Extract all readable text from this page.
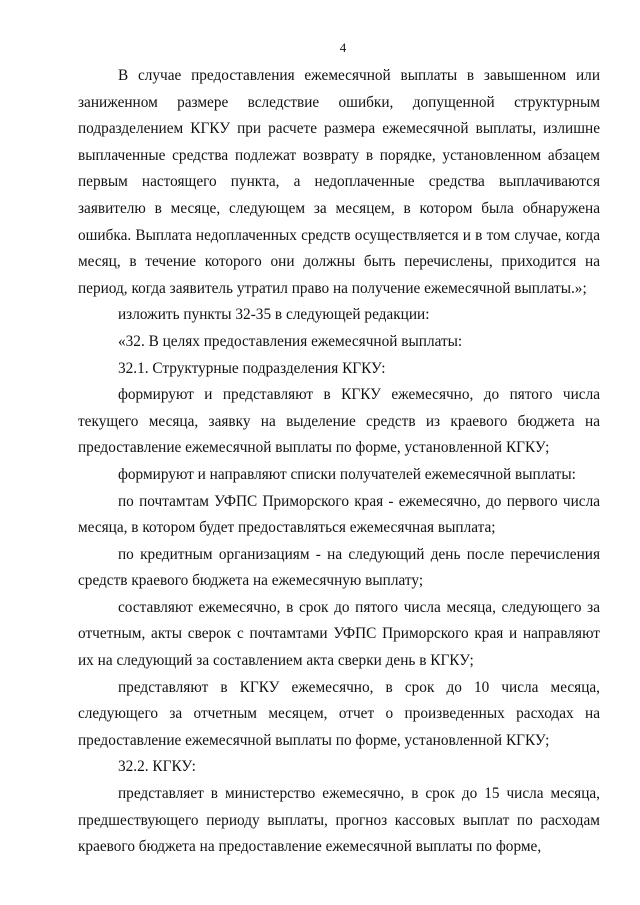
4

В случае предоставления ежемесячной выплаты в завышенном или заниженном размере вследствие ошибки, допущенной структурным подразделением КГКУ при расчете размера ежемесячной выплаты, излишне выплаченные средства подлежат возврату в порядке, установленном абзацем первым настоящего пункта, а недоплаченные средства выплачиваются заявителю в месяце, следующем за месяцем, в котором была обнаружена ошибка. Выплата недоплаченных средств осуществляется и в том случае, когда месяц, в течение которого они должны быть перечислены, приходится на период, когда заявитель утратил право на получение ежемесячной выплаты.»;

изложить пункты 32-35 в следующей редакции:

«32. В целях предоставления ежемесячной выплаты:

32.1. Структурные подразделения КГКУ:

формируют и представляют в КГКУ ежемесячно, до пятого числа текущего месяца, заявку на выделение средств из краевого бюджета на предоставление ежемесячной выплаты по форме, установленной КГКУ;

формируют и направляют списки получателей ежемесячной выплаты:

по почтамтам УФПС Приморского края - ежемесячно, до первого числа месяца, в котором будет предоставляться ежемесячная выплата;

по кредитным организациям - на следующий день после перечисления средств краевого бюджета на ежемесячную выплату;

составляют ежемесячно, в срок до пятого числа месяца, следующего за отчетным, акты сверок с почтамтами УФПС Приморского края и направляют их на следующий за составлением акта сверки день в КГКУ;

представляют в КГКУ ежемесячно, в срок до 10 числа месяца, следующего за отчетным месяцем, отчет о произведенных расходах на предоставление ежемесячной выплаты по форме, установленной КГКУ;

32.2. КГКУ:

представляет в министерство ежемесячно, в срок до 15 числа месяца, предшествующего периоду выплаты, прогноз кассовых выплат по расходам краевого бюджета на предоставление ежемесячной выплаты по форме,
